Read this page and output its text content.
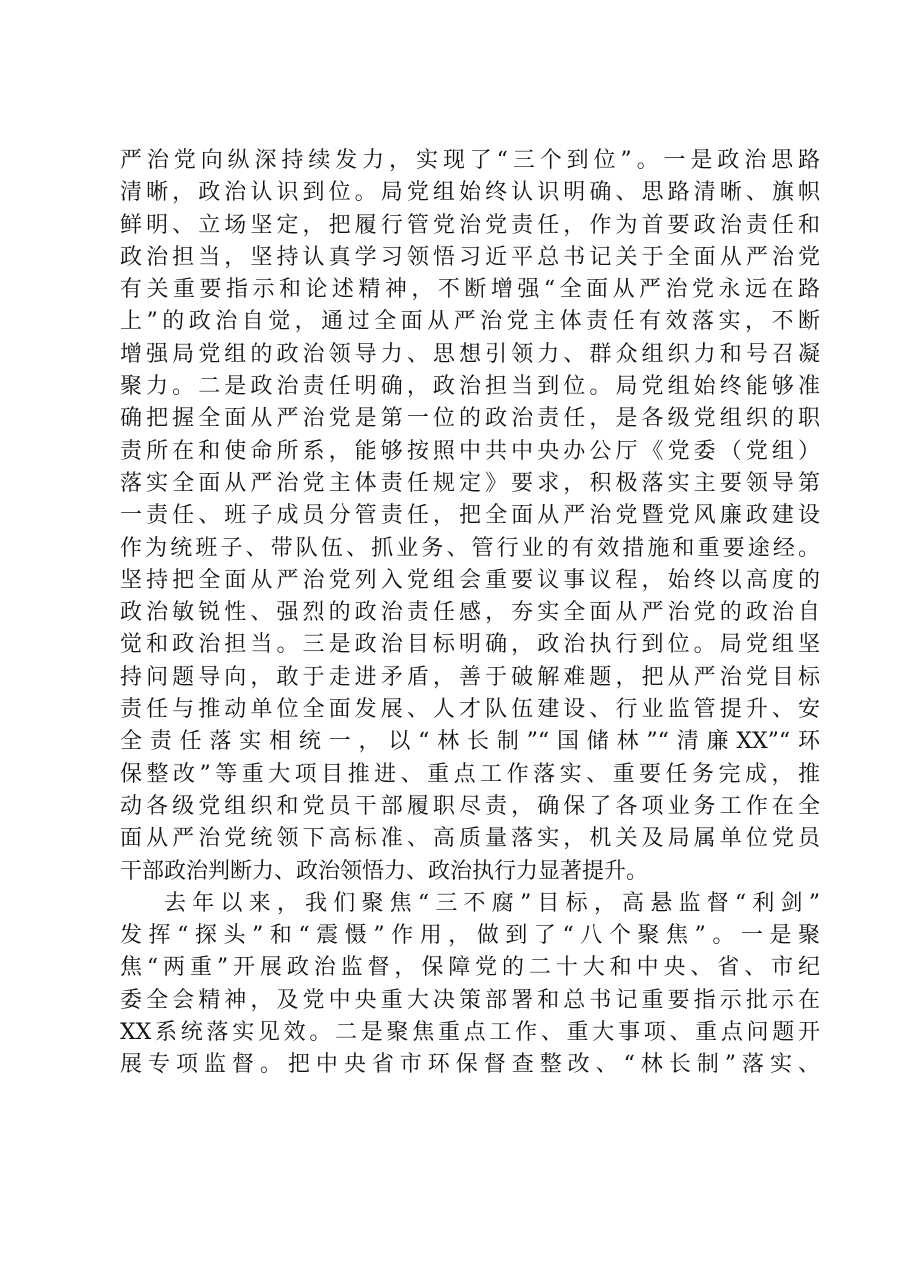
严治党向纵深持续发力，实现了“三个到位”。一是政治思路
清晰，政治认识到位。局党组始终认识明确、思路清晰、旗帜
鲜明、立场坚定，把履行管党治党责任，作为首要政治责任和
政治担当，坚持认真学习领悟习近平总书记关于全面从严治党
有关重要指示和论述精神，不断增强“全面从严治党永远在路
上”的政治自觉，通过全面从严治党主体责任有效落实，不断
增强局党组的政治领导力、思想引领力、群众组织力和号召凝
聚力。二是政治责任明确，政治担当到位。局党组始终能够准
确把握全面从严治党是第一位的政治责任，是各级党组织的职
责所在和使命所系，能够按照中共中央办公厅《党委（党组）
落实全面从严治党主体责任规定》要求，积极落实主要领导第
一责任、班子成员分管责任，把全面从严治党暨党风廉政建设
作为统班子、带队伍、抓业务、管行业的有效措施和重要途经。
坚持把全面从严治党列入党组会重要议事议程，始终以高度的
政治敏锐性、强烈的政治责任感，夯实全面从严治党的政治自
觉和政治担当。三是政治目标明确，政治执行到位。局党组坚
持问题导向，敢于走进矛盾，善于破解难题，把从严治党目标
责任与推动单位全面发展、人才队伍建设、行业监管提升、安
全责任落实相统一，以“林长制”“国储林”“清廉XX”“环
保整改”等重大项目推进、重点工作落实、重要任务完成，推
动各级党组织和党员干部履职尽责，确保了各项业务工作在全
面从严治党统领下高标准、高质量落实，机关及局属单位党员
干部政治判断力、政治领悟力、政治执行力显著提升。
去年以来，我们聚焦“三不腐”目标，高悬监督“利剑”
发挥“探头”和“震慑”作用，做到了“八个聚焦”。一是聚
焦“两重”开展政治监督，保障党的二十大和中央、省、市纪
委全会精神，及党中央重大决策部署和总书记重要指示批示在
XX系统落实见效。二是聚焦重点工作、重大事项、重点问题开
展专项监督。把中央省市环保督查整改、“林长制”落实、
